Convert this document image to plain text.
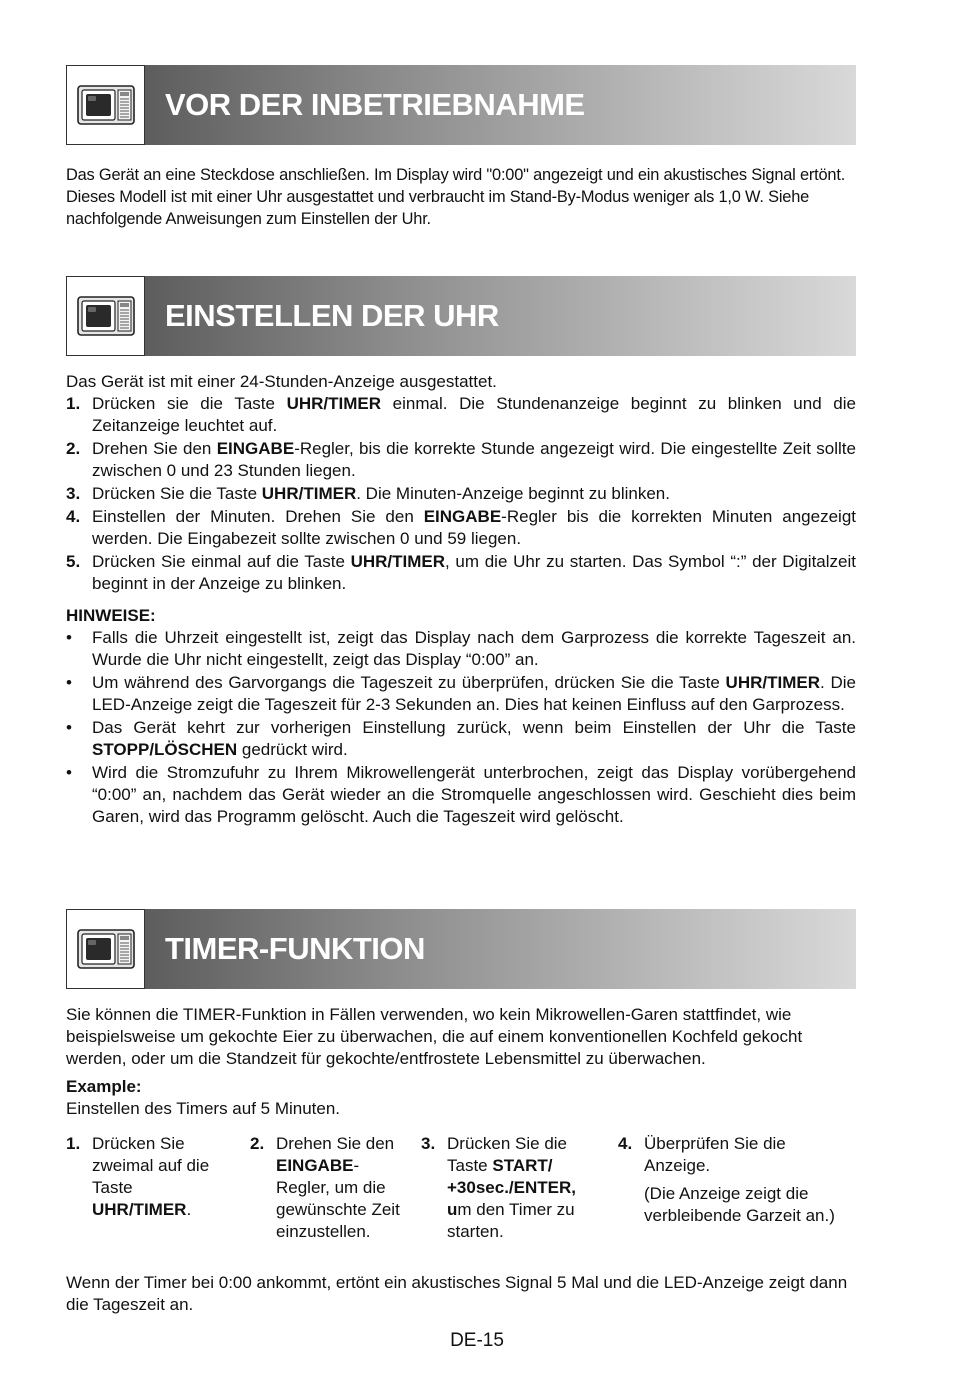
VOR DER INBETRIEBNAHME

Das Gerät an eine Steckdose anschließen. Im Display wird "0:00" angezeigt und ein akustisches Signal ertönt.

Dieses Modell ist mit einer Uhr ausgestattet und verbraucht im Stand-By-Modus weniger als 1,0 W. Siehe nachfolgende Anweisungen zum Einstellen der Uhr.

EINSTELLEN DER UHR

Das Gerät ist mit einer 24-Stunden-Anzeige ausgestattet.

1. Drücken sie die Taste UHR/TIMER einmal. Die Stundenanzeige beginnt zu blinken und die Zeitanzeige leuchtet auf.
2. Drehen Sie den EINGABE-Regler, bis die korrekte Stunde angezeigt wird. Die eingestellte Zeit sollte zwischen 0 und 23 Stunden liegen.
3. Drücken Sie die Taste UHR/TIMER. Die Minuten-Anzeige beginnt zu blinken.
4. Einstellen der Minuten. Drehen Sie den EINGABE-Regler bis die korrekten Minuten angezeigt werden. Die Eingabezeit sollte zwischen 0 und 59 liegen.
5. Drücken Sie einmal auf die Taste UHR/TIMER, um die Uhr zu starten. Das Symbol “:” der Digitalzeit beginnt in der Anzeige zu blinken.

HINWEISE:

• Falls die Uhrzeit eingestellt ist, zeigt das Display nach dem Garprozess die korrekte Tageszeit an. Wurde die Uhr nicht eingestellt, zeigt das Display “0:00” an.
• Um während des Garvorgangs die Tageszeit zu überprüfen, drücken Sie die Taste UHR/TIMER. Die LED-Anzeige zeigt die Tageszeit für 2-3 Sekunden an. Dies hat keinen Einfluss auf den Garprozess.
• Das Gerät kehrt zur vorherigen Einstellung zurück, wenn beim Einstellen der Uhr die Taste STOPP/LÖSCHEN gedrückt wird.
• Wird die Stromzufuhr zu Ihrem Mikrowellengerät unterbrochen, zeigt das Display vorübergehend “0:00” an, nachdem das Gerät wieder an die Stromquelle angeschlossen wird. Geschieht dies beim Garen, wird das Programm gelöscht. Auch die Tageszeit wird gelöscht.
TIMER-FUNKTION

Sie können die TIMER-Funktion in Fällen verwenden, wo kein Mikrowellen-Garen stattfindet, wie beispielsweise um gekochte Eier zu überwachen, die auf einem konventionellen Kochfeld gekocht werden, oder um die Standzeit für gekochte/entfrostete Lebensmittel zu überwachen.

Example:

Einstellen des Timers auf 5 Minuten.

1. Drücken Sie zweimal auf die Taste UHR/TIMER.
2. Drehen Sie den EINGABE-Regler, um die gewünschte Zeit einzustellen.
3. Drücken Sie die Taste START/ +30sec./ENTER, um den Timer zu starten.
4. Überprüfen Sie die Anzeige.

(Die Anzeige zeigt die verbleibende Garzeit an.)

Wenn der Timer bei 0:00 ankommt, ertönt ein akustisches Signal 5 Mal und die LED-Anzeige zeigt dann die Tageszeit an.

DE-15
